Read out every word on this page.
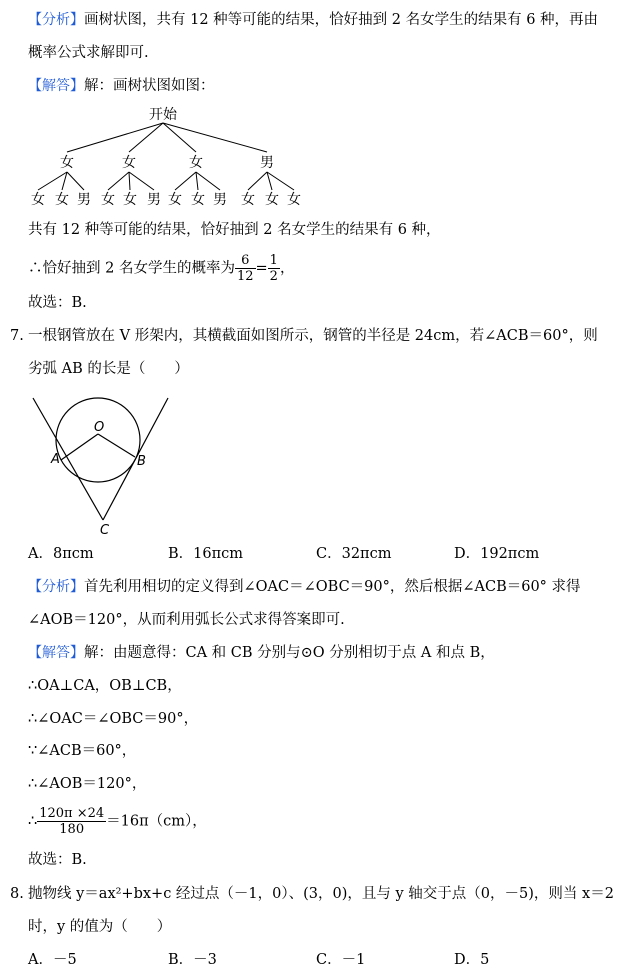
【分析】画树状图，共有 12 种等可能的结果，恰好抽到 2 名女学生的结果有 6 种，再由
概率公式求解即可.
【解答】解：画树状图如图：
开始
女	女	女	男
女 女 男 女 女 男 女 女 男 女 女 女
共有 12 种等可能的结果，恰好抽到 2 名女学生的结果有 6 种，
∴恰好抽到 2 名女学生的概率为 $\frac{6}{12} = \frac{1}{2}$ ，
故选：B.
7. 一根钢管放在 V 形架内，其横截面如图所示，钢管的半径是 24cm，若∠ACB＝60°，则
劣弧 AB 的长是（　　）
O
A	B
C
A．8πcm	B．16πcm	C．32πcm	D．192πcm
【分析】首先利用相切的定义得到∠OAC＝∠OBC＝90°，然后根据∠ACB＝60° 求得
∠AOB＝120°，从而利用弧长公式求得答案即可.
【解答】解：由题意得：CA 和 CB 分别与⊙O 分别相切于点 A 和点 B，
∴OA⊥CA，OB⊥CB，
∴∠OAC＝∠OBC＝90°，
∵∠ACB＝60°，
∴∠AOB＝120°，
∴ $\frac{120\pi \times 24}{180} =16\pi(cm)$，
故选：B.
8. 抛物线 y＝ax²+bx+c 经过点（－1，0）、(3，0)，且与 y 轴交于点（0，－5)，则当 x＝2
时，y 的值为（　　）
A．－5	B．－3	C．－1	D．5
